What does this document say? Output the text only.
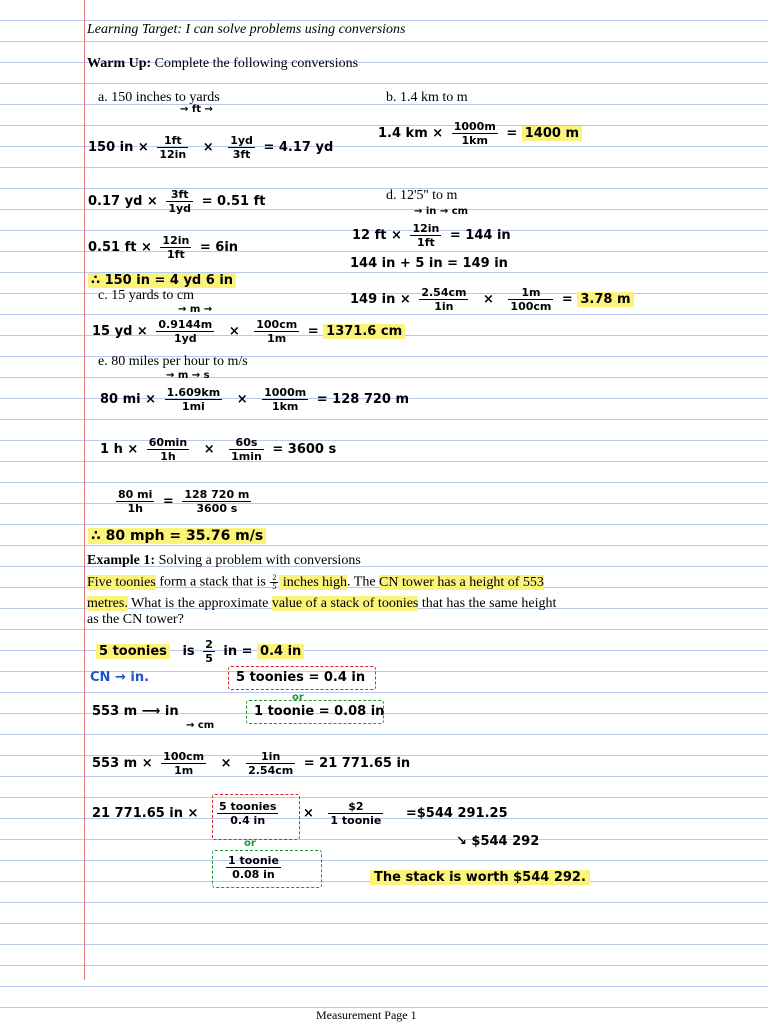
Learning Target: I can solve problems using conversions
Warm Up: Complete the following conversions
a. 150 inches to yards	b. 1.4 km to m
d. 12'5'' to m
c. 15 yards to cm
e. 80 miles per hour to m/s
→ ft →
150 in × $\frac{1ft}{12in} \times \frac{1yd}{3ft} = 4.17$ yd
0.17 yd × $\frac{3ft}{1yd} = 0.51$ ft
0.51 ft × $\frac{12in}{1ft} = 6in$
∴ 150 in = 4 yd 6 in
1.4 km × $\frac{1000m}{1km} = 1400$ m
→ in → cm
12 ft × $\frac{12in}{1ft} = 144$ in
144 in + 5 in = 149 in
149 in × $\frac{2.54cm}{1in} \times \frac{1m}{100cm} = 3.78$ m
→ m →
15 yd × $\frac{0.9144m}{1yd} \times \frac{100cm}{1m} = 1371.6$ cm
→ m → s
80 mi × $\frac{1.609km}{1mi} \times \frac{1000m}{1km} = 128$ 720 m
1 $h \times \frac{60\min}{1h} \times \frac{60s}{1\min} = 3600$ s
$\frac{80 mi}{1h} = \frac{128 720 m}{3600 s}$
∴ 80 mph = 35.76 m/s
Example 1: Solving a problem with conversions
Five toonies form a stack that is $\frac{2}{5}$ inches high. The CN tower has a height of 553
metres. What is the approximate value of a stack of toonies that has the same height
as the CN tower?
5 toonies is $\frac{2}{5}$ in = 0.4 in
CN → in.	5 toonies = 0.4 in
or
1 toonie = 0.08 in
553 m ⟶ in
→ cm
553 $m \times \frac{100cm}{1m} \times \frac{1in}{2.54cm} = 21$ 771.65 in
21 771.65 in × $\frac{\text{5 toonies}}{0.4 in} \times \frac{\$2}{\text{1 toonie}}$ =$544 291.25
or
$\frac{\text{1 toonie}}{0.08 in}$
↘ $544 292
The stack is worth $544 292.
Measurement Page 1
